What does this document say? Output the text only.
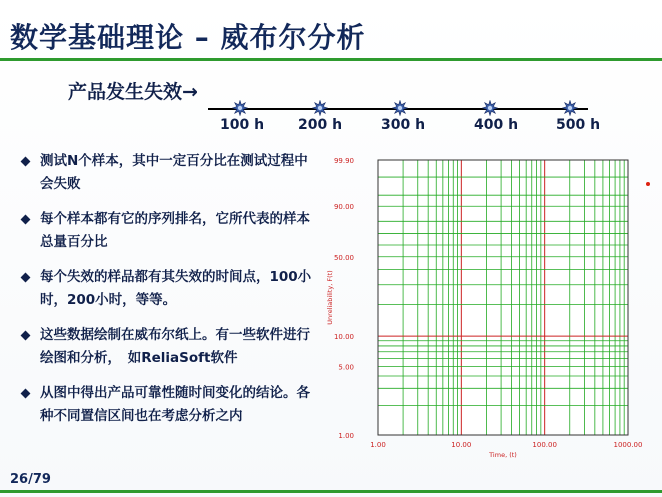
数学基础理论 – 威布尔分析
产品发生失效→
100 h 200 h	300 h	400 h	500 h
测试N个样本，其中一定百分比在测试过程中会失败
每个样本都有它的序列排名，它所代表的样本总量百分比
每个失效的样品都有其失效的时间点，100小时，200小时，等等。
这些数据绘制在威布尔纸上。有一些软件进行绘图和分析，　如ReliaSoft软件
从图中得出产品可靠性随时间变化的结论。各种不同置信区间也在考虑分析之内
99.90
90.00
50.00
10.00
5.00
1.00
1.00	10.00	100.00	1000.00
Time, (t)
Unreliability, F(t)
26/79
